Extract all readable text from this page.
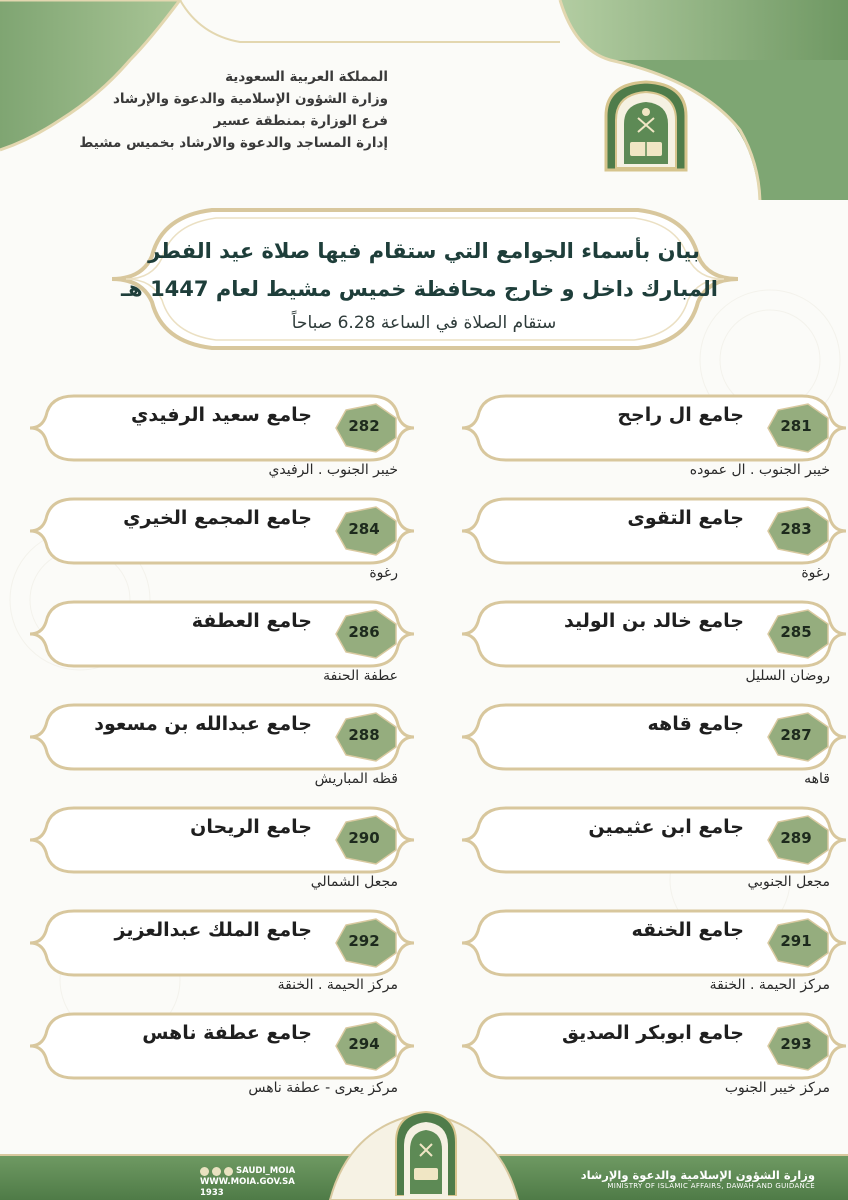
المملكة العربية السعودية
وزارة الشؤون الإسلامية والدعوة والإرشاد
فرع الوزارة بمنطقة عسير
إدارة المساجد والدعوة والارشاد بخميس مشيط
بيان بأسماء الجوامع التي ستقام فيها صلاة عيد الفطر
المبارك داخل و خارج محافظة خميس مشيط لعام 1447 هـ
ستقام الصلاة في الساعة 6.28 صباحاً
281
جامع ال راجح
خيبر الجنوب . ال عموده
282
جامع سعيد الرفيدي
خيبر الجنوب . الرفيدي
283
جامع التقوى
رغوة
284
جامع المجمع الخيري
رغوة
285
جامع خالد بن الوليد
روضان السليل
286
جامع العطفة
عطفة الحنفة
287
جامع قاهه
قاهه
288
جامع عبدالله بن مسعود
قظه المباريش
289
جامع ابن عثيمين
مجعل الجنوبي
290
جامع الريحان
مجعل الشمالي
291
جامع الخنقه
مركز الحيمة . الخنقة
292
جامع الملك عبدالعزيز
مركز الحيمة . الخنقة
293
جامع ابوبكر الصديق
مركز خيبر الجنوب
294
جامع عطفة ناهس
مركز يعرى - عطفة ناهس
وزارة الشؤون الإسلامية والدعوة والإرشاد
MINISTRY OF ISLAMIC AFFAIRS, DAWAH AND GUIDANCE
SAUDI_MOIA
WWW.MOIA.GOV.SA
1933
